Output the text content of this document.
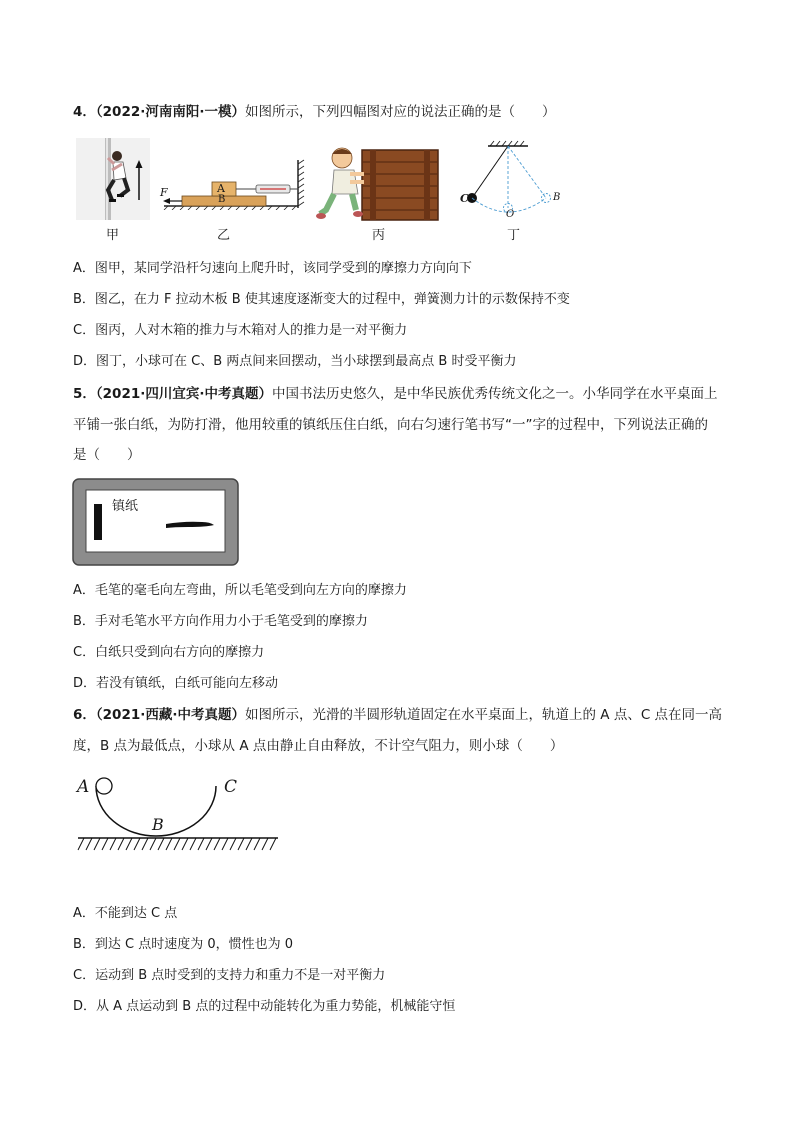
4．（2022·河南南阳·一模）如图所示，下列四幅图对应的说法正确的是（　　）
甲
F	A
B
乙	丙
C
O
B
丁
A．图甲，某同学沿杆匀速向上爬升时，该同学受到的摩擦力方向向下
B．图乙，在力 F 拉动木板 B 使其速度逐渐变大的过程中，弹簧测力计的示数保持不变
C．图丙，人对木箱的推力与木箱对人的推力是一对平衡力
D．图丁，小球可在 C、B 两点间来回摆动，当小球摆到最高点 B 时受平衡力
5．（2021·四川宜宾·中考真题）中国书法历史悠久，是中华民族优秀传统文化之一。小华同学在水平桌面上
平铺一张白纸，为防打滑，他用较重的镇纸压住白纸，向右匀速行笔书写“一”字的过程中，下列说法正确的
是（　　）
镇纸
A．毛笔的毫毛向左弯曲，所以毛笔受到向左方向的摩擦力
B．手对毛笔水平方向作用力小于毛笔受到的摩擦力
C．白纸只受到向右方向的摩擦力
D．若没有镇纸，白纸可能向左移动
6．（2021·西藏·中考真题）如图所示，光滑的半圆形轨道固定在水平桌面上，轨道上的 A 点、C 点在同一高
度，B 点为最低点，小球从 A 点由静止自由释放，不计空气阻力，则小球（　　）
A	C
B
A．不能到达 C 点
B．到达 C 点时速度为 0，惯性也为 0
C．运动到 B 点时受到的支持力和重力不是一对平衡力
D．从 A 点运动到 B 点的过程中动能转化为重力势能，机械能守恒
